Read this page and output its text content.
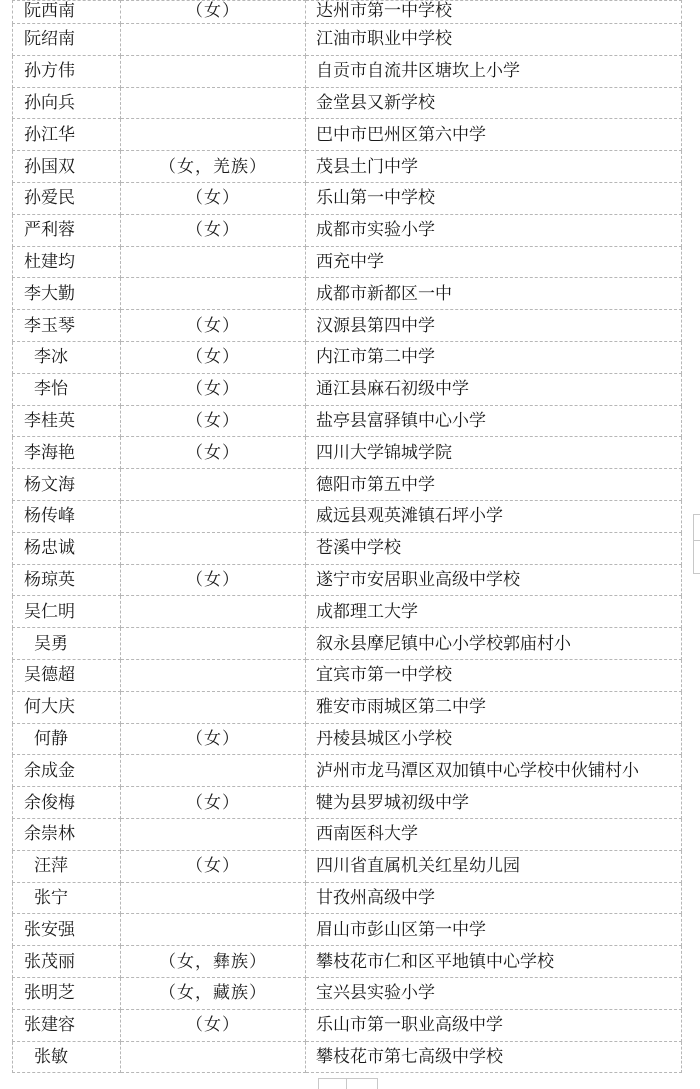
阮西南	（女）	达州市第一中学校
阮绍南		江油市职业中学校
孙方伟		自贡市自流井区塘坎上小学
孙向兵		金堂县又新学校
孙江华		巴中市巴州区第六中学
孙国双	（女，羌族）	茂县土门中学
孙爱民	（女）	乐山第一中学校
严利蓉	（女）	成都市实验小学
杜建均		西充中学
李大勤		成都市新都区一中
李玉琴	（女）	汉源县第四中学
李冰	（女）	内江市第二中学
李怡	（女）	通江县麻石初级中学
李桂英	（女）	盐亭县富驿镇中心小学
李海艳	（女）	四川大学锦城学院
杨文海		德阳市第五中学
杨传峰		威远县观英滩镇石坪小学
杨忠诚		苍溪中学校
杨琼英	（女）	遂宁市安居职业高级中学校
吴仁明		成都理工大学
吴勇		叙永县摩尼镇中心小学校郭庙村小
吴德超		宜宾市第一中学校
何大庆		雅安市雨城区第二中学
何静	（女）	丹棱县城区小学校
余成金		泸州市龙马潭区双加镇中心学校中伙铺村小
余俊梅	（女）	犍为县罗城初级中学
余崇林		西南医科大学
汪萍	（女）	四川省直属机关红星幼儿园
张宁		甘孜州高级中学
张安强		眉山市彭山区第一中学
张茂丽	（女，彝族）	攀枝花市仁和区平地镇中心学校
张明芝	（女，藏族）	宝兴县实验小学
张建容	（女）	乐山市第一职业高级中学
张敏		攀枝花市第七高级中学校
